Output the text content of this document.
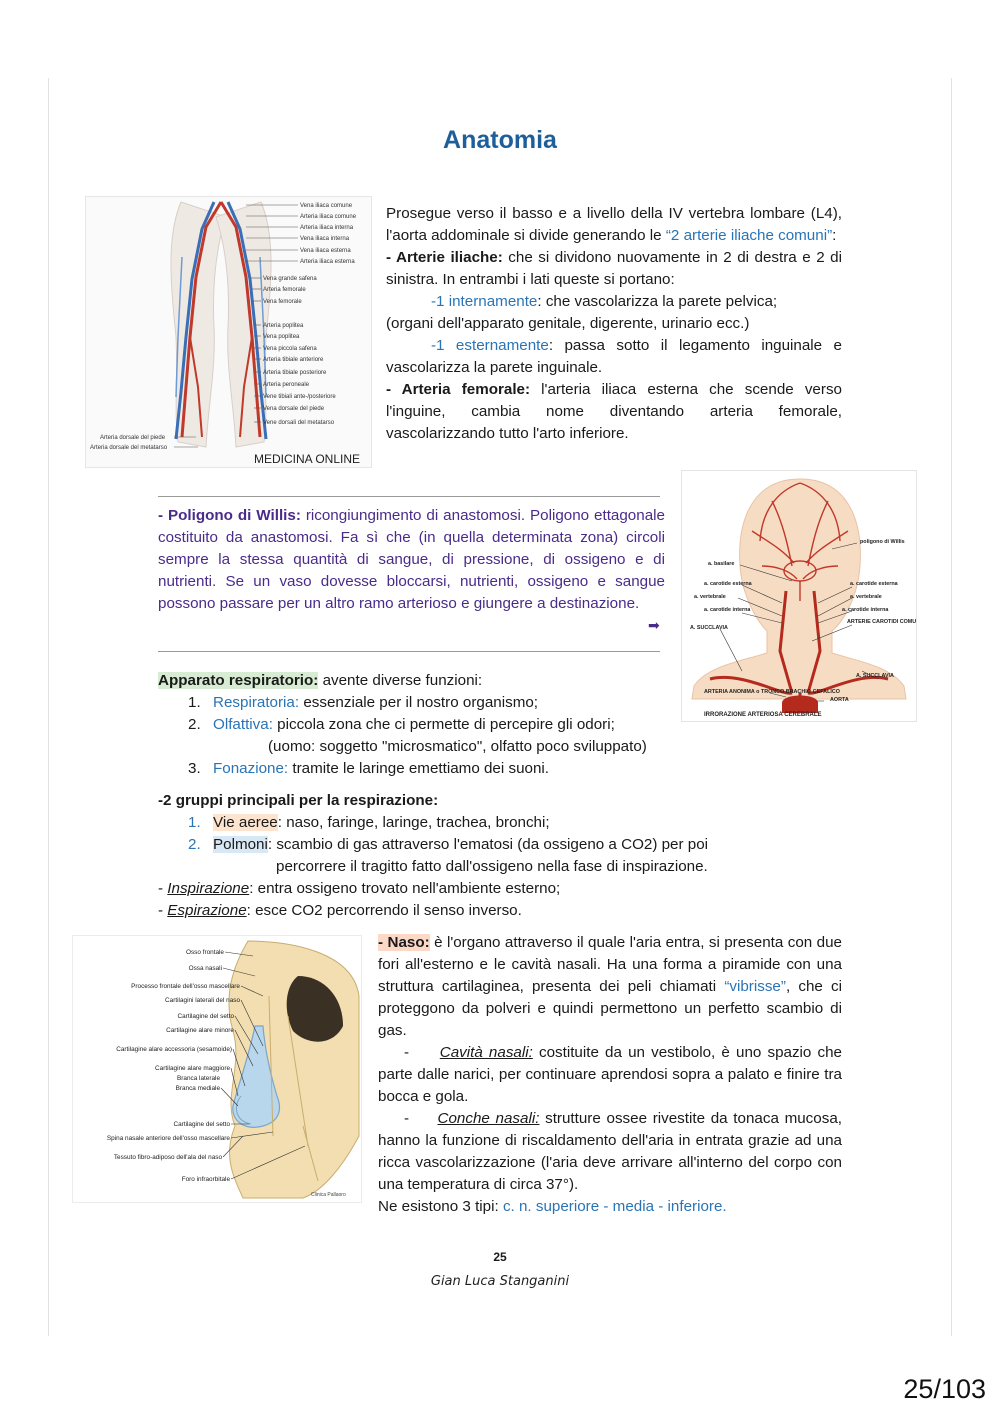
Anatomia
Vena iliaca comune
Arteria iliaca comune
Arteria iliaca interna
Vena iliaca interna
Vena iliaca esterna
Arteria iliaca esterna
Vena grande safena
Arteria femorale
Vena femorale
Arteria poplitea
Vena poplitea
Vena piccola safena
Arteria tibiale anteriore
Arteria tibiale posteriore
Arteria peroneale
Vene tibiali ante-/posteriore
Vena dorsale del piede
Vene dorsali del metatarso
Arteria dorsale del piede
Arteria dorsale del metatarso
MEDICINA ONLINE
Prosegue verso il basso e a livello della IV vertebra lombare (L4), l'aorta addominale si divide generando le “2 arterie iliache comuni”:
- Arterie iliache: che si dividono nuovamente in 2 di destra e 2 di sinistra. In entrambi i lati queste si portano:
-1 internamente: che vascolarizza la parete pelvica;
(organi dell'apparato genitale, digerente, urinario ecc.)
-1 esternamente: passa sotto il legamento inguinale e vascolarizza la parete inguinale.
- Arteria femorale: l'arteria iliaca esterna che scende verso l'inguine, cambia nome diventando arteria femorale, vascolarizzando tutto l'arto inferiore.
- Poligono di Willis: ricongiungimento di anastomosi. Poligono ettagonale costituito da anastomosi. Fa sì che (in quella determinata zona) circoli sempre la stessa quantità di sangue, di pressione, di ossigeno e di nutrienti. Se un vaso dovesse bloccarsi, nutrienti, ossigeno e sangue possono passare per un altro ramo arterioso e giungere a destinazione.
➡
poligono di Willis
a. basilare
a. carotide esterna
a. vertebrale
a. carotide interna
a. carotide esterna
a. vertebrale
a. carotide interna
ARTERIE CAROTIDI COMUNI
A. SUCCLAVIA
A. SUCCLAVIA
ARTERIA ANONIMA o TRONCO BRACHIO-CEFALICO
AORTA
IRRORAZIONE ARTERIOSA CEREBRALE
Apparato respiratorio: avente diverse funzioni:
1. Respiratoria: essenziale per il nostro organismo;
2. Olfattiva: piccola zona che ci permette di percepire gli odori;
(uomo: soggetto "microsmatico", olfatto poco sviluppato)
3. Fonazione: tramite le laringe emettiamo dei suoni.
-2 gruppi principali per la respirazione:
1. Vie aeree: naso, faringe, laringe, trachea, bronchi;
2. Polmoni: scambio di gas attraverso l'ematosi (da ossigeno a CO2) per poi
percorrere il tragitto fatto dall'ossigeno nella fase di inspirazione.
- Inspirazione: entra ossigeno trovato nell'ambiente esterno;
- Espirazione: esce CO2 percorrendo il senso inverso.
Osso frontale
Ossa nasali
Processo frontale dell'osso mascellare
Cartilagini laterali del naso
Cartilagine del setto
Cartilagine alare minore
Cartilagine alare accessoria (sesamoide)
Cartilagine alare maggiore
Branca laterale
Branca mediale
Cartilagine del setto
Spina nasale anteriore dell'osso mascellare
Tessuto fibro-adiposo dell'ala del naso
Foro infraorbitale
Clinica Pallaoro
- Naso: è l'organo attraverso il quale l'aria entra, si presenta con due fori all'esterno e le cavità nasali. Ha una forma a piramide con una struttura cartilaginea, presenta dei peli chiamati “vibrisse”, che ci proteggono da polveri e quindi permettono un perfetto scambio di gas.
-     Cavità nasali: costituite da un vestibolo, è uno spazio che parte dalle narici, per continuare aprendosi sopra a palato e finire tra bocca e gola.
-     Conche nasali: strutture ossee rivestite da tonaca mucosa, hanno la funzione di riscaldamento dell'aria in entrata grazie ad una ricca vascolarizzazione (l'aria deve arrivare all'interno del corpo con una temperatura di circa 37°).
Ne esistono 3 tipi: c. n. superiore - media - inferiore.
25
Gian Luca Stanganini
25/103
